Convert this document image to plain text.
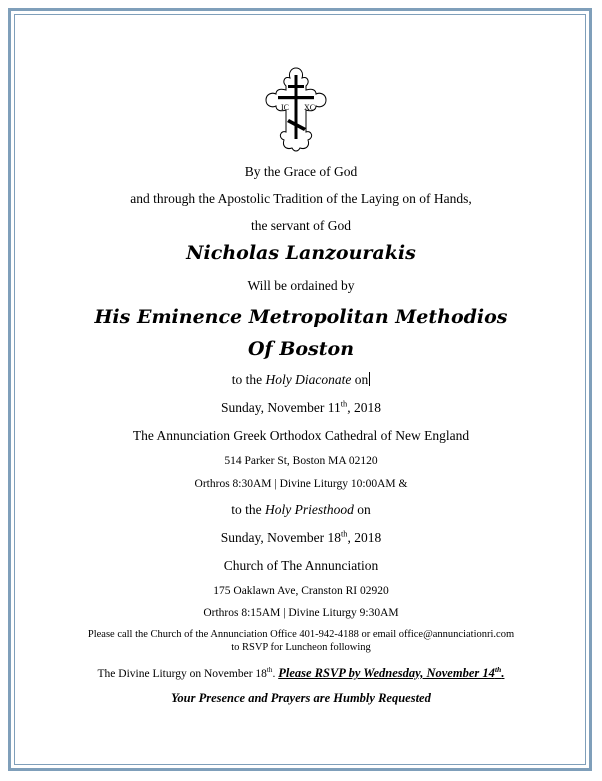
IC XC
By the Grace of God
and through the Apostolic Tradition of the Laying on of Hands,
the servant of God
Nicholas Lanzourakis
Will be ordained by
His Eminence Metropolitan Methodios
Of Boston
to the Holy Diaconate on
Sunday, November 11th, 2018
The Annunciation Greek Orthodox Cathedral of New England
514 Parker St, Boston MA 02120
Orthros 8:30AM | Divine Liturgy 10:00AM &
to the Holy Priesthood on
Sunday, November 18th, 2018
Church of The Annunciation
175 Oaklawn Ave, Cranston RI 02920
Orthros 8:15AM | Divine Liturgy 9:30AM
Please call the Church of the Annunciation Office 401-942-4188 or email office@annunciationri.com
to RSVP for Luncheon following
The Divine Liturgy on November 18th. Please RSVP by Wednesday, November 14th.
Your Presence and Prayers are Humbly Requested
